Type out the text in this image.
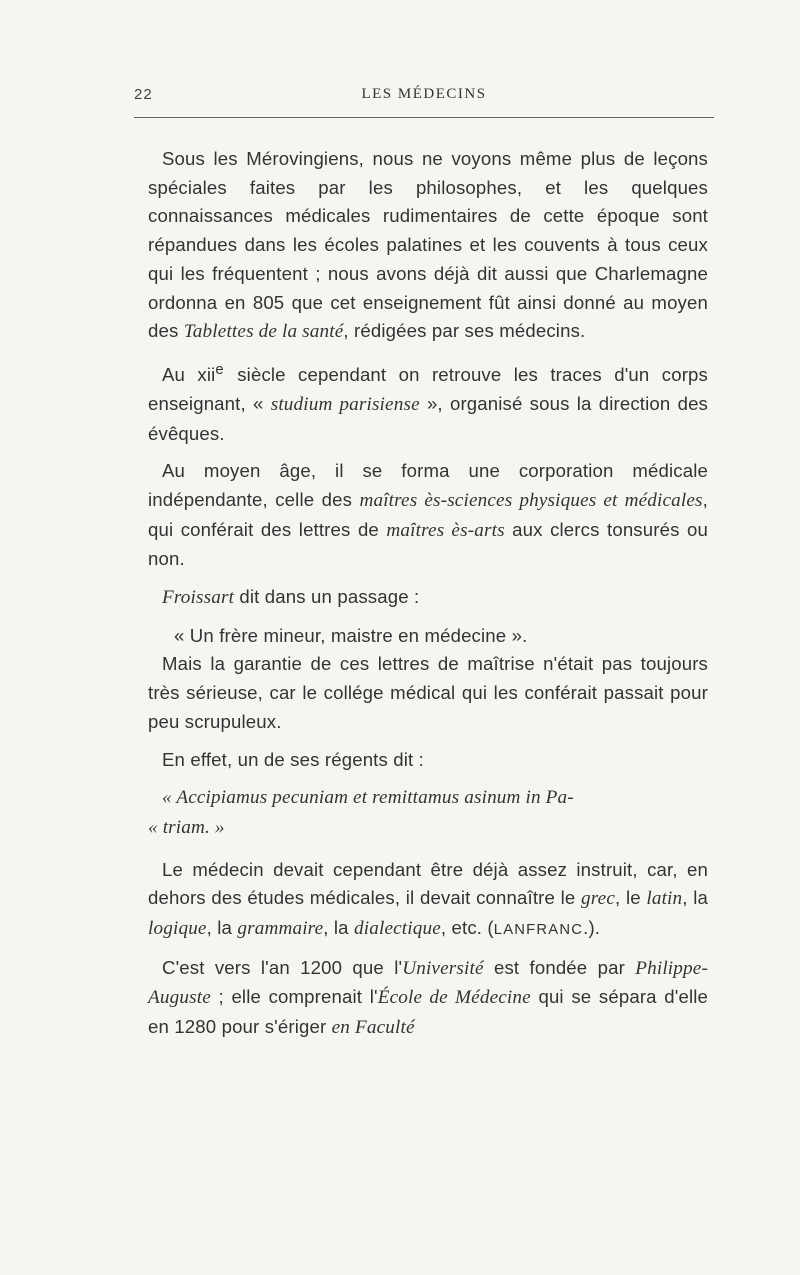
22	LES MÉDECINS

Sous les Mérovingiens, nous ne voyons même plus de leçons spéciales faites par les philosophes, et les quelques connaissances médicales rudimentaires de cette époque sont répandues dans les écoles palatines et les couvents à tous ceux qui les fréquentent ; nous avons déjà dit aussi que Charlemagne ordonna en 805 que cet enseignement fût ainsi donné au moyen des Tablettes de la santé, rédigées par ses médecins.

Au xii$^e$ siècle cependant on retrouve les traces d'un corps enseignant, « studium parisiense », organisé sous la direction des évêques.

Au moyen âge, il se forma une corporation médicale indépendante, celle des maîtres ès-sciences physiques et médicales, qui conférait des lettres de maîtres ès-arts aux clercs tonsurés ou non.

Froissart dit dans un passage :

« Un frère mineur, maistre en médecine ».

Mais la garantie de ces lettres de maîtrise n'était pas toujours très sérieuse, car le collége médical qui les conférait passait pour peu scrupuleux.

En effet, un de ses régents dit :

« Accipiamus pecuniam et remittamus asinum in Pa-

« triam. »

Le médecin devait cependant être déjà assez instruit, car, en dehors des études médicales, il devait connaître le grec, le latin, la logique, la grammaire, la dialectique, etc. (LANFRANC.).

C'est vers l'an 1200 que l'Université est fondée par Philippe-Auguste ; elle comprenait l'École de Médecine qui se sépara d'elle en 1280 pour s'ériger en Faculté
